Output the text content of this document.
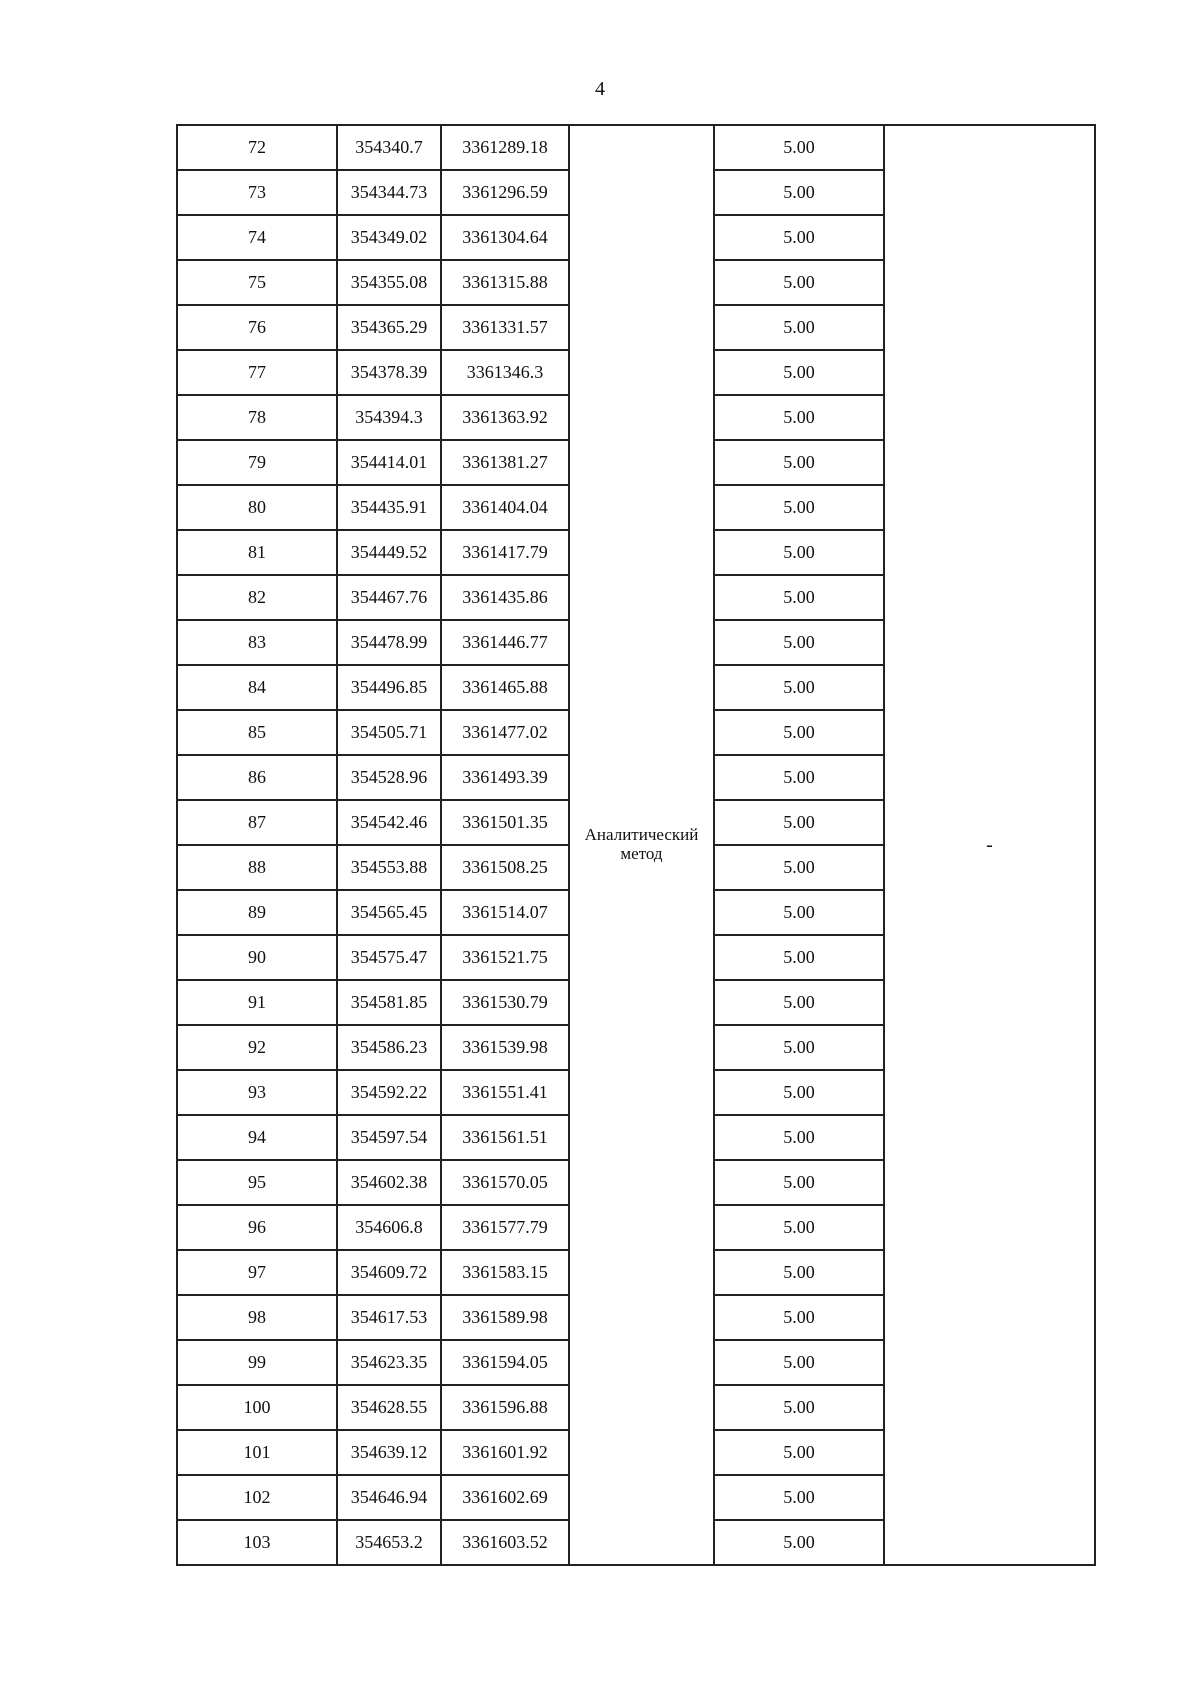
4
72	354340.7	3361289.18	Аналитический метод	5.00	-
73	354344.73	3361296.59		5.00	
74	354349.02	3361304.64		5.00	
75	354355.08	3361315.88		5.00	
76	354365.29	3361331.57		5.00	
77	354378.39	3361346.3		5.00	
78	354394.3	3361363.92		5.00	
79	354414.01	3361381.27		5.00	
80	354435.91	3361404.04		5.00	
81	354449.52	3361417.79		5.00	
82	354467.76	3361435.86		5.00	
83	354478.99	3361446.77		5.00	
84	354496.85	3361465.88		5.00	
85	354505.71	3361477.02		5.00	
86	354528.96	3361493.39		5.00	
87	354542.46	3361501.35		5.00	
88	354553.88	3361508.25		5.00	
89	354565.45	3361514.07		5.00	
90	354575.47	3361521.75		5.00	
91	354581.85	3361530.79		5.00	
92	354586.23	3361539.98		5.00	
93	354592.22	3361551.41		5.00	
94	354597.54	3361561.51		5.00	
95	354602.38	3361570.05		5.00	
96	354606.8	3361577.79		5.00	
97	354609.72	3361583.15		5.00	
98	354617.53	3361589.98		5.00	
99	354623.35	3361594.05		5.00	
100	354628.55	3361596.88		5.00	
101	354639.12	3361601.92		5.00	
102	354646.94	3361602.69		5.00	
103	354653.2	3361603.52		5.00	
